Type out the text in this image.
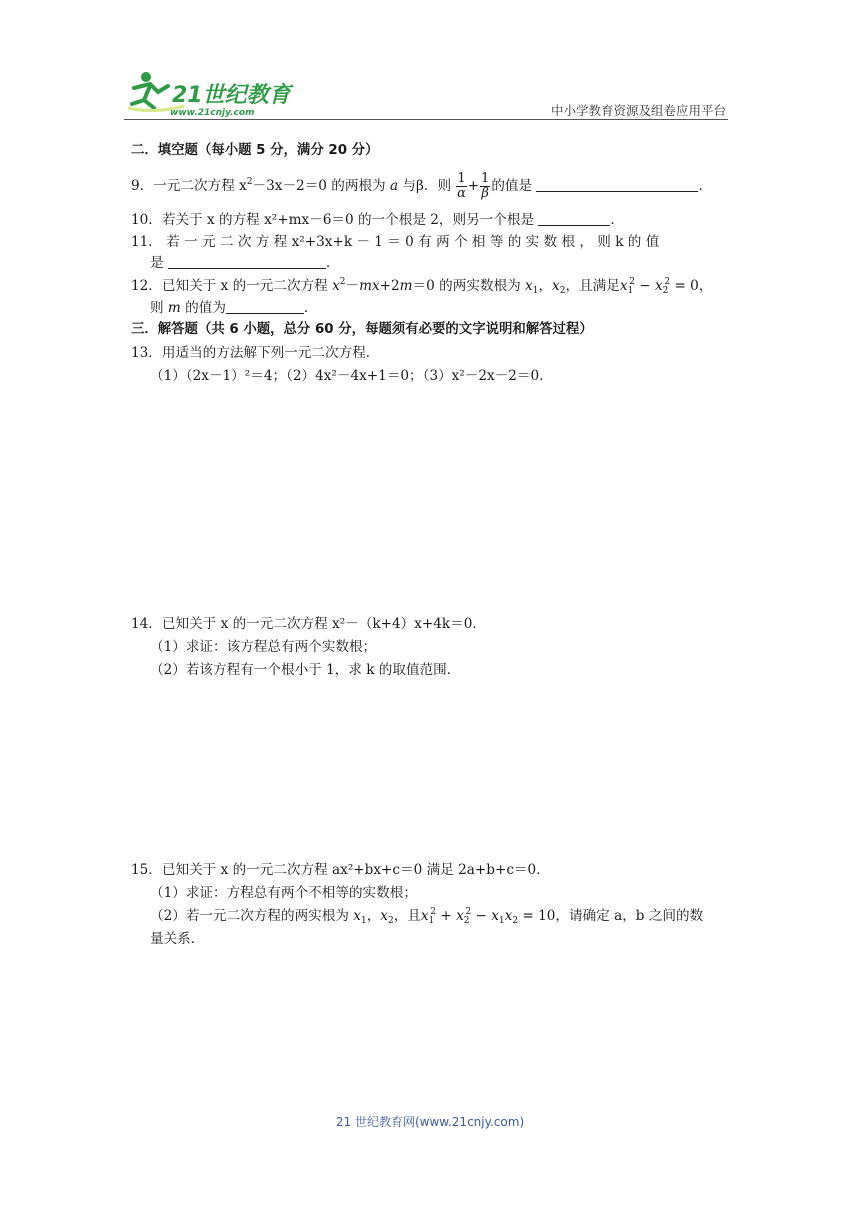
21世纪教育
www.21cnjy.com	中小学教育资源及组卷应用平台
二．填空题（每小题 5 分，满分 20 分）
9．一元二次方程 $x^2-3x-2=0$ 的两根为 a 与β．则 $\frac{1}{\alpha} + \frac{1}{\beta}$ 的值是	.
10．若关于 x 的方程 x²+mx－6＝0 的一个根是 2，则另一个根是	.
11． 若 一 元 二 次 方 程 x²+3x+k － 1 ＝ 0 有 两 个 相 等 的 实 数 根 ， 则 k 的 值
是	.
12．已知关于 x 的一元二次方程 $x^2-mx+2m=0$ 的两实数根为 $x_1$，$x_2$，且满足$x_1^2 - x_2^2 = 0$，
则 m 的值为	.
三．解答题（共 6 小题，总分 60 分，每题须有必要的文字说明和解答过程）
13．用适当的方法解下列一元二次方程．
（1）（2x－1）²＝4；（2）4x²－4x+1＝0；（3）x²－2x－2＝0．
14．已知关于 x 的一元二次方程 x²－（k+4）x+4k＝0．
（1）求证：该方程总有两个实数根；
（2）若该方程有一个根小于 1，求 k 的取值范围．
15．已知关于 x 的一元二次方程 ax²+bx+c＝0 满足 2a+b+c＝0．
（1）求证：方程总有两个不相等的实数根；
（2）若一元二次方程的两实根为 $x_1$，$x_2$，且$x_1^2 + x_2^2 - x_1x_2 = 10$，请确定 a，b 之间的数
量关系．
21 世纪教育网(www.21cnjy.com)
